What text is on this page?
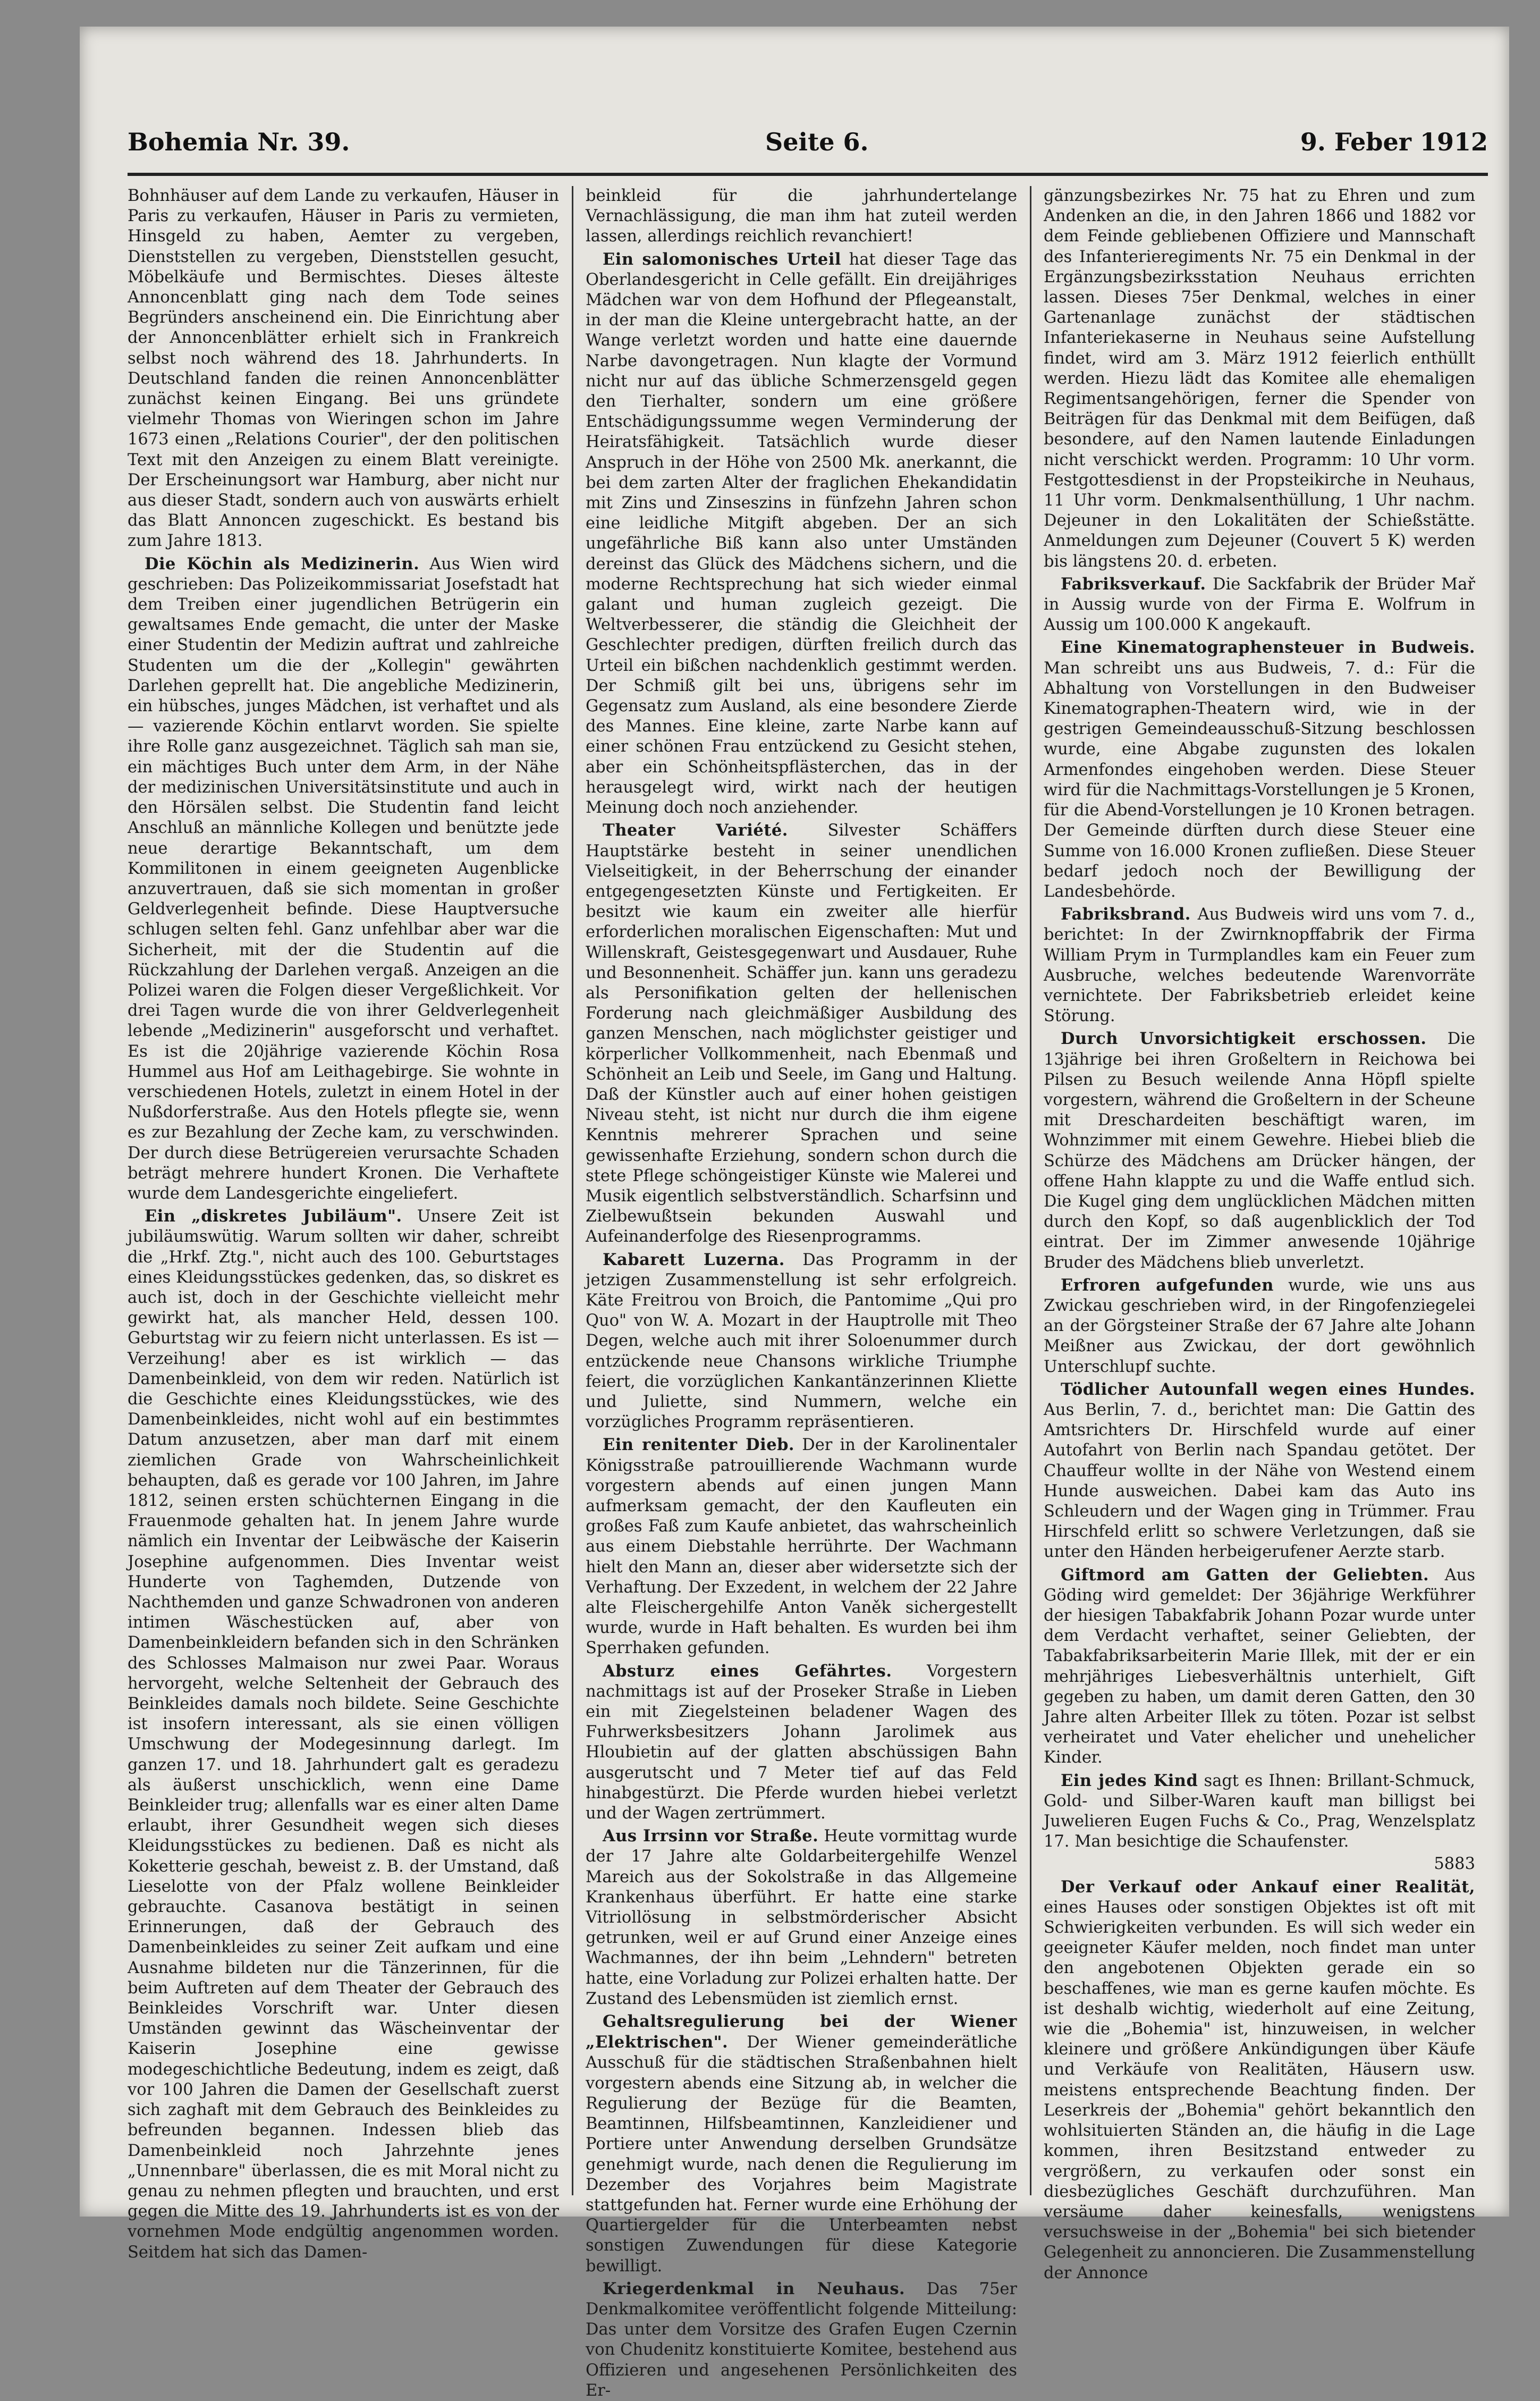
Bohemia Nr. 39.	Seite 6.	9. Feber 1912

Bohnhäuser auf dem Lande zu verkaufen, Häuser in Paris zu verkaufen, Häuser in Paris zu vermieten, Hinsgeld zu haben, Aemter zu vergeben, Dienststellen zu vergeben, Dienststellen gesucht, Möbelkäufe und Bermischtes. Dieses älteste Annoncenblatt ging nach dem Tode seines Begründers anscheinend ein. Die Einrichtung aber der Annoncenblätter erhielt sich in Frankreich selbst noch während des 18. Jahrhunderts. In Deutschland fanden die reinen Annoncenblätter zunächst keinen Eingang. Bei uns gründete vielmehr Thomas von Wieringen schon im Jahre 1673 einen „Relations Courier", der den politischen Text mit den Anzeigen zu einem Blatt vereinigte. Der Erscheinungsort war Hamburg, aber nicht nur aus dieser Stadt, sondern auch von auswärts erhielt das Blatt Annoncen zugeschickt. Es bestand bis zum Jahre 1813.

Die Köchin als Medizinerin. Aus Wien wird geschrieben: Das Polizeikommissariat Josefstadt hat dem Treiben einer jugendlichen Betrügerin ein gewaltsames Ende gemacht, die unter der Maske einer Studentin der Medizin auftrat und zahlreiche Studenten um die der „Kollegin" gewährten Darlehen geprellt hat. Die angebliche Medizinerin, ein hübsches, junges Mädchen, ist verhaftet und als — vazierende Köchin entlarvt worden. Sie spielte ihre Rolle ganz ausgezeichnet. Täglich sah man sie, ein mächtiges Buch unter dem Arm, in der Nähe der medizinischen Universitätsinstitute und auch in den Hörsälen selbst. Die Studentin fand leicht Anschluß an männliche Kollegen und benützte jede neue derartige Bekanntschaft, um dem Kommilitonen in einem geeigneten Augenblicke anzuvertrauen, daß sie sich momentan in großer Geldverlegenheit befinde. Diese Hauptversuche schlugen selten fehl. Ganz unfehlbar aber war die Sicherheit, mit der die Studentin auf die Rückzahlung der Darlehen vergaß. Anzeigen an die Polizei waren die Folgen dieser Vergeßlichkeit. Vor drei Tagen wurde die von ihrer Geldverlegenheit lebende „Medizinerin" ausgeforscht und verhaftet. Es ist die 20jährige vazierende Köchin Rosa Hummel aus Hof am Leithagebirge. Sie wohnte in verschiedenen Hotels, zuletzt in einem Hotel in der Nußdorferstraße. Aus den Hotels pflegte sie, wenn es zur Bezahlung der Zeche kam, zu verschwinden. Der durch diese Betrügereien verursachte Schaden beträgt mehrere hundert Kronen. Die Verhaftete wurde dem Landesgerichte eingeliefert.

Ein „diskretes Jubiläum". Unsere Zeit ist jubiläumswütig. Warum sollten wir daher, schreibt die „Hrkf. Ztg.", nicht auch des 100. Geburtstages eines Kleidungsstückes gedenken, das, so diskret es auch ist, doch in der Geschichte vielleicht mehr gewirkt hat, als mancher Held, dessen 100. Geburtstag wir zu feiern nicht unterlassen. Es ist — Verzeihung! aber es ist wirklich — das Damenbeinkleid, von dem wir reden. Natürlich ist die Geschichte eines Kleidungsstückes, wie des Damenbeinkleides, nicht wohl auf ein bestimmtes Datum anzusetzen, aber man darf mit einem ziemlichen Grade von Wahrscheinlichkeit behaupten, daß es gerade vor 100 Jahren, im Jahre 1812, seinen ersten schüchternen Eingang in die Frauenmode gehalten hat. In jenem Jahre wurde nämlich ein Inventar der Leibwäsche der Kaiserin Josephine aufgenommen. Dies Inventar weist Hunderte von Taghemden, Dutzende von Nachthemden und ganze Schwadronen von anderen intimen Wäschestücken auf, aber von Damenbeinkleidern befanden sich in den Schränken des Schlosses Malmaison nur zwei Paar. Woraus hervorgeht, welche Seltenheit der Gebrauch des Beinkleides damals noch bildete. Seine Geschichte ist insofern interessant, als sie einen völligen Umschwung der Modegesinnung darlegt. Im ganzen 17. und 18. Jahrhundert galt es geradezu als äußerst unschicklich, wenn eine Dame Beinkleider trug; allenfalls war es einer alten Dame erlaubt, ihrer Gesundheit wegen sich dieses Kleidungsstückes zu bedienen. Daß es nicht als Koketterie geschah, beweist z. B. der Umstand, daß Lieselotte von der Pfalz wollene Beinkleider gebrauchte. Casanova bestätigt in seinen Erinnerungen, daß der Gebrauch des Damenbeinkleides zu seiner Zeit aufkam und eine Ausnahme bildeten nur die Tänzerinnen, für die beim Auftreten auf dem Theater der Gebrauch des Beinkleides Vorschrift war. Unter diesen Umständen gewinnt das Wäscheinventar der Kaiserin Josephine eine gewisse modegeschichtliche Bedeutung, indem es zeigt, daß vor 100 Jahren die Damen der Gesellschaft zuerst sich zaghaft mit dem Gebrauch des Beinkleides zu befreunden begannen. Indessen blieb das Damenbeinkleid noch Jahrzehnte jenes „Unnennbare" überlassen, die es mit Moral nicht zu genau zu nehmen pflegten und brauchten, und erst gegen die Mitte des 19. Jahrhunderts ist es von der vornehmen Mode endgültig angenommen worden. Seitdem hat sich das Damen-

beinkleid für die jahrhundertelange Vernachlässigung, die man ihm hat zuteil werden lassen, allerdings reichlich revanchiert!

Ein salomonisches Urteil hat dieser Tage das Oberlandesgericht in Celle gefällt. Ein dreijähriges Mädchen war von dem Hofhund der Pflegeanstalt, in der man die Kleine untergebracht hatte, an der Wange verletzt worden und hatte eine dauernde Narbe davongetragen. Nun klagte der Vormund nicht nur auf das übliche Schmerzensgeld gegen den Tierhalter, sondern um eine größere Entschädigungssumme wegen Verminderung der Heiratsfähigkeit. Tatsächlich wurde dieser Anspruch in der Höhe von 2500 Mk. anerkannt, die bei dem zarten Alter der fraglichen Ehekandidatin mit Zins und Zinseszins in fünfzehn Jahren schon eine leidliche Mitgift abgeben. Der an sich ungefährliche Biß kann also unter Umständen dereinst das Glück des Mädchens sichern, und die moderne Rechtsprechung hat sich wieder einmal galant und human zugleich gezeigt. Die Weltverbesserer, die ständig die Gleichheit der Geschlechter predigen, dürften freilich durch das Urteil ein bißchen nachdenklich gestimmt werden. Der Schmiß gilt bei uns, übrigens sehr im Gegensatz zum Ausland, als eine besondere Zierde des Mannes. Eine kleine, zarte Narbe kann auf einer schönen Frau entzückend zu Gesicht stehen, aber ein Schönheitspflästerchen, das in der herausgelegt wird, wirkt nach der heutigen Meinung doch noch anziehender.

Theater Variété. Silvester Schäffers Hauptstärke besteht in seiner unendlichen Vielseitigkeit, in der Beherrschung der einander entgegengesetzten Künste und Fertigkeiten. Er besitzt wie kaum ein zweiter alle hierfür erforderlichen moralischen Eigenschaften: Mut und Willenskraft, Geistesgegenwart und Ausdauer, Ruhe und Besonnenheit. Schäffer jun. kann uns geradezu als Personifikation gelten der hellenischen Forderung nach gleichmäßiger Ausbildung des ganzen Menschen, nach möglichster geistiger und körperlicher Vollkommenheit, nach Ebenmaß und Schönheit an Leib und Seele, im Gang und Haltung. Daß der Künstler auch auf einer hohen geistigen Niveau steht, ist nicht nur durch die ihm eigene Kenntnis mehrerer Sprachen und seine gewissenhafte Erziehung, sondern schon durch die stete Pflege schöngeistiger Künste wie Malerei und Musik eigentlich selbstverständlich. Scharfsinn und Zielbewußtsein bekunden Auswahl und Aufeinanderfolge des Riesenprogramms.

Kabarett Luzerna. Das Programm in der jetzigen Zusammenstellung ist sehr erfolgreich. Käte Freitrou von Broich, die Pantomime „Qui pro Quo" von W. A. Mozart in der Hauptrolle mit Theo Degen, welche auch mit ihrer Soloenummer durch entzückende neue Chansons wirkliche Triumphe feiert, die vorzüglichen Kankantänzerinnen Kliette und Juliette, sind Nummern, welche ein vorzügliches Programm repräsentieren.

Ein renitenter Dieb. Der in der Karolinentaler Königsstraße patrouillierende Wachmann wurde vorgestern abends auf einen jungen Mann aufmerksam gemacht, der den Kaufleuten ein großes Faß zum Kaufe anbietet, das wahrscheinlich aus einem Diebstahle herrührte. Der Wachmann hielt den Mann an, dieser aber widersetzte sich der Verhaftung. Der Exzedent, in welchem der 22 Jahre alte Fleischergehilfe Anton Vaněk sichergestellt wurde, wurde in Haft behalten. Es wurden bei ihm Sperrhaken gefunden.

Absturz eines Gefährtes. Vorgestern nachmittags ist auf der Proseker Straße in Lieben ein mit Ziegelsteinen beladener Wagen des Fuhrwerksbesitzers Johann Jarolimek aus Hloubietin auf der glatten abschüssigen Bahn ausgerutscht und 7 Meter tief auf das Feld hinabgestürzt. Die Pferde wurden hiebei verletzt und der Wagen zertrümmert.

Aus Irrsinn vor Straße. Heute vormittag wurde der 17 Jahre alte Goldarbeitergehilfe Wenzel Mareich aus der Sokolstraße in das Allgemeine Krankenhaus überführt. Er hatte eine starke Vitriollösung in selbstmörderischer Absicht getrunken, weil er auf Grund einer Anzeige eines Wachmannes, der ihn beim „Lehndern" betreten hatte, eine Vorladung zur Polizei erhalten hatte. Der Zustand des Lebensmüden ist ziemlich ernst.

Gehaltsregulierung bei der Wiener „Elektrischen". Der Wiener gemeinderätliche Ausschuß für die städtischen Straßenbahnen hielt vorgestern abends eine Sitzung ab, in welcher die Regulierung der Bezüge für die Beamten, Beamtinnen, Hilfsbeamtinnen, Kanzleidiener und Portiere unter Anwendung derselben Grundsätze genehmigt wurde, nach denen die Regulierung im Dezember des Vorjahres beim Magistrate stattgefunden hat. Ferner wurde eine Erhöhung der Quartiergelder für die Unterbeamten nebst sonstigen Zuwendungen für diese Kategorie bewilligt.

Kriegerdenkmal in Neuhaus. Das 75er Denkmalkomitee veröffentlicht folgende Mitteilung: Das unter dem Vorsitze des Grafen Eugen Czernin von Chudenitz konstituierte Komitee, bestehend aus Offizieren und angesehenen Persönlichkeiten des Er-

gänzungsbezirkes Nr. 75 hat zu Ehren und zum Andenken an die, in den Jahren 1866 und 1882 vor dem Feinde gebliebenen Offiziere und Mannschaft des Infanterieregiments Nr. 75 ein Denkmal in der Ergänzungsbezirksstation Neuhaus errichten lassen. Dieses 75er Denkmal, welches in einer Gartenanlage zunächst der städtischen Infanteriekaserne in Neuhaus seine Aufstellung findet, wird am 3. März 1912 feierlich enthüllt werden. Hiezu lädt das Komitee alle ehemaligen Regimentsangehörigen, ferner die Spender von Beiträgen für das Denkmal mit dem Beifügen, daß besondere, auf den Namen lautende Einladungen nicht verschickt werden. Programm: 10 Uhr vorm. Festgottesdienst in der Propsteikirche in Neuhaus, 11 Uhr vorm. Denkmalsenthüllung, 1 Uhr nachm. Dejeuner in den Lokalitäten der Schießstätte. Anmeldungen zum Dejeuner (Couvert 5 K) werden bis längstens 20. d. erbeten.

Fabriksverkauf. Die Sackfabrik der Brüder Mař in Aussig wurde von der Firma E. Wolfrum in Aussig um 100.000 K angekauft.

Eine Kinematographensteuer in Budweis. Man schreibt uns aus Budweis, 7. d.: Für die Abhaltung von Vorstellungen in den Budweiser Kinematographen-Theatern wird, wie in der gestrigen Gemeindeausschuß-Sitzung beschlossen wurde, eine Abgabe zugunsten des lokalen Armenfondes eingehoben werden. Diese Steuer wird für die Nachmittags-Vorstellungen je 5 Kronen, für die Abend-Vorstellungen je 10 Kronen betragen. Der Gemeinde dürften durch diese Steuer eine Summe von 16.000 Kronen zufließen. Diese Steuer bedarf jedoch noch der Bewilligung der Landesbehörde.

Fabriksbrand. Aus Budweis wird uns vom 7. d., berichtet: In der Zwirnknopffabrik der Firma William Prym in Turmplandles kam ein Feuer zum Ausbruche, welches bedeutende Warenvorräte vernichtete. Der Fabriksbetrieb erleidet keine Störung.

Durch Unvorsichtigkeit erschossen. Die 13jährige bei ihren Großeltern in Reichowa bei Pilsen zu Besuch weilende Anna Höpfl spielte vorgestern, während die Großeltern in der Scheune mit Dreschardeiten beschäftigt waren, im Wohnzimmer mit einem Gewehre. Hiebei blieb die Schürze des Mädchens am Drücker hängen, der offene Hahn klappte zu und die Waffe entlud sich. Die Kugel ging dem unglücklichen Mädchen mitten durch den Kopf, so daß augenblicklich der Tod eintrat. Der im Zimmer anwesende 10jährige Bruder des Mädchens blieb unverletzt.

Erfroren aufgefunden wurde, wie uns aus Zwickau geschrieben wird, in der Ringofenziegelei an der Görgsteiner Straße der 67 Jahre alte Johann Meißner aus Zwickau, der dort gewöhnlich Unterschlupf suchte.

Tödlicher Autounfall wegen eines Hundes. Aus Berlin, 7. d., berichtet man: Die Gattin des Amtsrichters Dr. Hirschfeld wurde auf einer Autofahrt von Berlin nach Spandau getötet. Der Chauffeur wollte in der Nähe von Westend einem Hunde ausweichen. Dabei kam das Auto ins Schleudern und der Wagen ging in Trümmer. Frau Hirschfeld erlitt so schwere Verletzungen, daß sie unter den Händen herbeigerufener Aerzte starb.

Giftmord am Gatten der Geliebten. Aus Göding wird gemeldet: Der 36jährige Werkführer der hiesigen Tabakfabrik Johann Pozar wurde unter dem Verdacht verhaftet, seiner Geliebten, der Tabakfabriksarbeiterin Marie Illek, mit der er ein mehrjähriges Liebesverhältnis unterhielt, Gift gegeben zu haben, um damit deren Gatten, den 30 Jahre alten Arbeiter Illek zu töten. Pozar ist selbst verheiratet und Vater ehelicher und unehelicher Kinder.

Ein jedes Kind sagt es Ihnen: Brillant-Schmuck, Gold- und Silber-Waren kauft man billigst bei Juwelieren Eugen Fuchs & Co., Prag, Wenzelsplatz 17. Man besichtige die Schaufenster.

5883

Der Verkauf oder Ankauf einer Realität, eines Hauses oder sonstigen Objektes ist oft mit Schwierigkeiten verbunden. Es will sich weder ein geeigneter Käufer melden, noch findet man unter den angebotenen Objekten gerade ein so beschaffenes, wie man es gerne kaufen möchte. Es ist deshalb wichtig, wiederholt auf eine Zeitung, wie die „Bohemia" ist, hinzuweisen, in welcher kleinere und größere Ankündigungen über Käufe und Verkäufe von Realitäten, Häusern usw. meistens entsprechende Beachtung finden. Der Leserkreis der „Bohemia" gehört bekanntlich den wohlsituierten Ständen an, die häufig in die Lage kommen, ihren Besitzstand entweder zu vergrößern, zu verkaufen oder sonst ein diesbezügliches Geschäft durchzuführen. Man versäume daher keinesfalls, wenigstens versuchsweise in der „Bohemia" bei sich bietender Gelegenheit zu annoncieren. Die Zusammenstellung der Annonce
